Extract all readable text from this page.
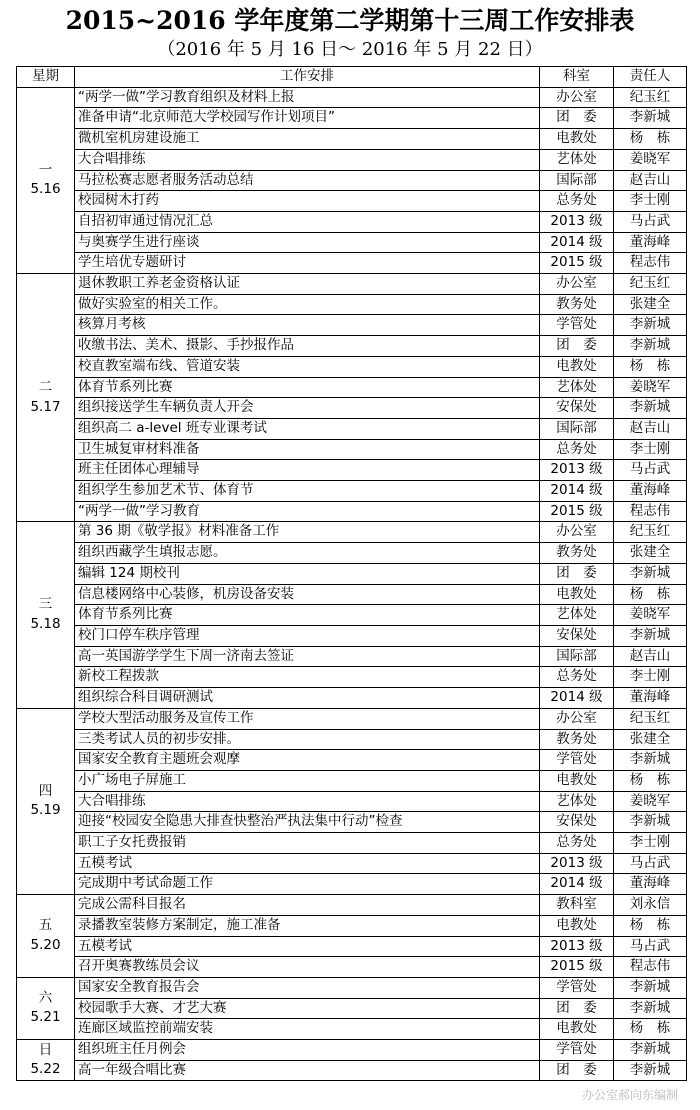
2015~2016 学年度第二学期第十三周工作安排表
（2016 年 5 月 16 日～ 2016 年 5 月 22 日）
星期	工作安排	科室	责任人

一
5.16	“两学一做”学习教育组织及材料上报	办公室	纪玉红
	准备申请“北京师范大学校园写作计划项目”	团　委	李新城
	微机室机房建设施工	电教处	杨　栋
	大合唱排练	艺体处	姜晓军
	马拉松赛志愿者服务活动总结	国际部	赵吉山
	校园树木打药	总务处	李士刚
	自招初审通过情况汇总	2013 级	马占武
	与奥赛学生进行座谈	2014 级	董海峰
	学生培优专题研讨	2015 级	程志伟

二
5.17	退休教职工养老金资格认证	办公室	纪玉红
	做好实验室的相关工作。	教务处	张建全
	核算月考核	学管处	李新城
	收缴书法、美术、摄影、手抄报作品	团　委	李新城
	校直教室端布线、管道安装	电教处	杨　栋
	体育节系列比赛	艺体处	姜晓军
	组织接送学生车辆负责人开会	安保处	李新城
	组织高二 a-level 班专业课考试	国际部	赵吉山
	卫生城复审材料准备	总务处	李士刚
	班主任团体心理辅导	2013 级	马占武
	组织学生参加艺术节、体育节	2014 级	董海峰
	“两学一做”学习教育	2015 级	程志伟

三
5.18	第 36 期《敬学报》材料准备工作	办公室	纪玉红
	组织西藏学生填报志愿。	教务处	张建全
	编辑 124 期校刊	团　委	李新城
	信息楼网络中心装修，机房设备安装	电教处	杨　栋
	体育节系列比赛	艺体处	姜晓军
	校门口停车秩序管理	安保处	李新城
	高一英国游学学生下周一济南去签证	国际部	赵吉山
	新校工程拨款	总务处	李士刚
	组织综合科目调研测试	2014 级	董海峰

四
5.19	学校大型活动服务及宣传工作	办公室	纪玉红
	三类考试人员的初步安排。	教务处	张建全
	国家安全教育主题班会观摩	学管处	李新城
	小广场电子屏施工	电教处	杨　栋
	大合唱排练	艺体处	姜晓军
	迎接“校园安全隐患大排查快整治严执法集中行动”检查	安保处	李新城
	职工子女托费报销	总务处	李士刚
	五模考试	2013 级	马占武
	完成期中考试命题工作	2014 级	董海峰

五
5.20	完成公需科目报名	教科室	刘永信
	录播教室装修方案制定，施工准备	电教处	杨　栋
	五模考试	2013 级	马占武
	召开奥赛教练员会议	2015 级	程志伟

六
5.21	国家安全教育报告会	学管处	李新城
	校园歌手大赛、才艺大赛	团　委	李新城
	连廊区域监控前端安装	电教处	杨　栋

日
5.22	组织班主任月例会	学管处	李新城
	高一年级合唱比赛	团　委	李新城
办公室郝向东编制
